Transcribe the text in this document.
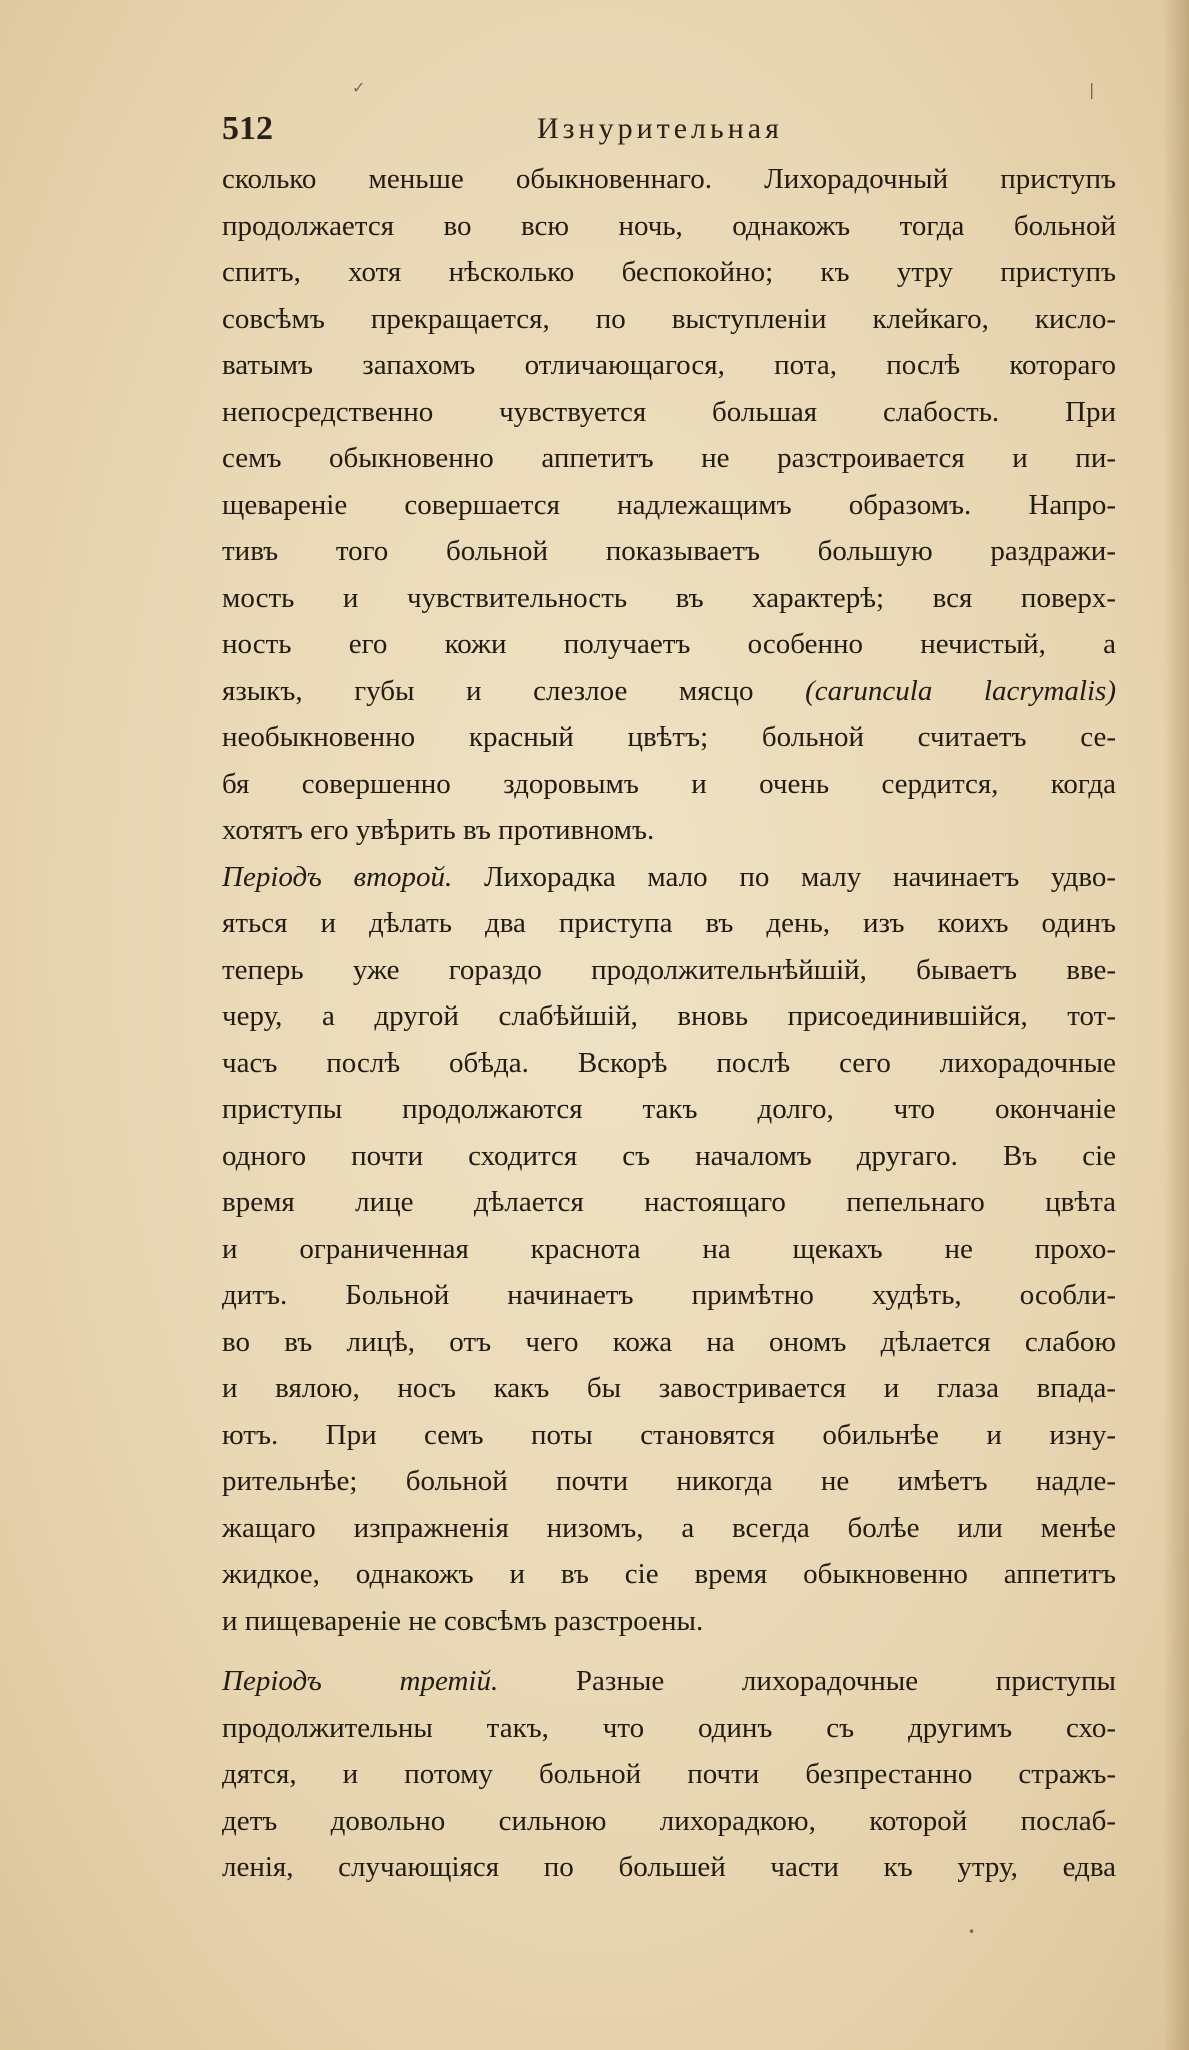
✓	|
•
512	Изнурительная
сколько меньше обыкновеннаго. Лихорадочный приступъ
продолжается во всю ночь, однакожъ тогда больной
спитъ, хотя нѣсколько беспокойно; къ утру приступъ
совсѣмъ прекращается, по выступленіи клейкаго, кисло-
ватымъ запахомъ отличающагося, пота, послѣ котораго
непосредственно чувствуется большая слабость. При
семъ обыкновенно аппетитъ не разстроивается и пи-
щевареніе совершается надлежащимъ образомъ. Напро-
тивъ того больной показываетъ большую раздражи-
мость и чувствительность въ характерѣ; вся поверх-
ность его кожи получаетъ особенно нечистый, а
языкъ, губы и слезлое мясцо (caruncula lacrymalis)
необыкновенно красный цвѣтъ; больной считаетъ се-
бя совершенно здоровымъ и очень сердится, когда
хотятъ его увѣрить въ противномъ.
Періодъ второй. Лихорадка мало по малу начинаетъ удво-
яться и дѣлать два приступа въ день, изъ коихъ одинъ
теперь уже гораздо продолжительнѣйшій, бываетъ вве-
черу, а другой слабѣйшій, вновь присоединившійся, тот-
часъ послѣ обѣда. Вскорѣ послѣ сего лихорадочные
приступы продолжаются такъ долго, что окончаніе
одного почти сходится съ началомъ другаго. Въ сіе
время лице дѣлается настоящаго пепельнаго цвѣта
и ограниченная краснота на щекахъ не прохо-
дитъ. Больной начинаетъ примѣтно худѣть, особли-
во въ лицѣ, отъ чего кожа на ономъ дѣлается слабою
и вялою, носъ какъ бы завостривается и глаза впада-
ютъ. При семъ поты становятся обильнѣе и изну-
рительнѣе; больной почти никогда не имѣетъ надле-
жащаго изпражненія низомъ, а всегда болѣе или менѣе
жидкое, однакожъ и въ сіе время обыкновенно аппетитъ
и пищевареніе не совсѣмъ разстроены.
Періодъ третій. Разные лихорадочные приступы
продолжительны такъ, что одинъ съ другимъ схо-
дятся, и потому больной почти безпрестанно стражъ-
детъ довольно сильною лихорадкою, которой послаб-
ленія, случающіяся по большей части къ утру, едва
